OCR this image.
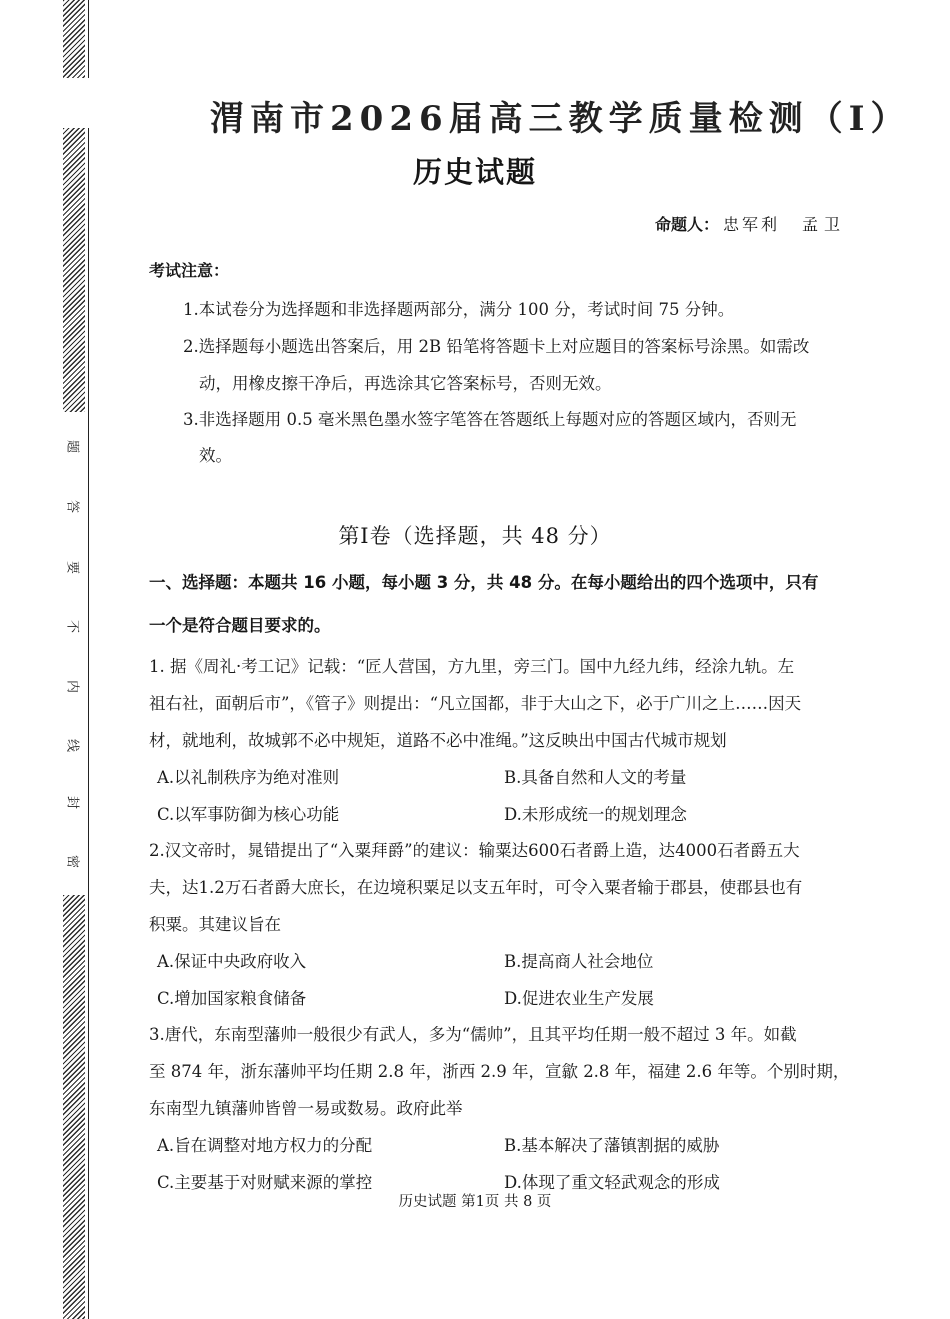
题
答
要
不
内
线
封
密
渭南市2026届高三教学质量检测（Ⅰ）
历史试题
命题人： 忠军利 孟卫
考试注意：
1.本试卷分为选择题和非选择题两部分，满分 100 分，考试时间 75 分钟。
2.选择题每小题选出答案后，用 2B 铅笔将答题卡上对应题目的答案标号涂黑。如需改
动，用橡皮擦干净后，再选涂其它答案标号，否则无效。
3.非选择题用 0.5 毫米黑色墨水签字笔答在答题纸上每题对应的答题区域内，否则无
效。
第Ⅰ卷（选择题，共 48 分）
一、选择题：本题共 16 小题，每小题 3 分，共 48 分。在每小题给出的四个选项中，只有
一个是符合题目要求的。
1. 据《周礼·考工记》记载：“匠人营国，方九里，旁三门。国中九经九纬，经涂九轨。左
祖右社，面朝后市”，《管子》则提出：“凡立国都，非于大山之下，必于广川之上……因天
材，就地利，故城郭不必中规矩，道路不必中准绳。”这反映出中国古代城市规划
A.以礼制秩序为绝对准则	B.具备自然和人文的考量
C.以军事防御为核心功能	D.未形成统一的规划理念
2.汉文帝时，晁错提出了“入粟拜爵”的建议：输粟达600石者爵上造，达4000石者爵五大
夫，达1.2万石者爵大庶长，在边境积粟足以支五年时，可令入粟者输于郡县，使郡县也有
积粟。其建议旨在
A.保证中央政府收入	B.提高商人社会地位
C.增加国家粮食储备	D.促进农业生产发展
3.唐代，东南型藩帅一般很少有武人，多为“儒帅”，且其平均任期一般不超过 3 年。如截
至 874 年，浙东藩帅平均任期 2.8 年，浙西 2.9 年，宣歙 2.8 年，福建 2.6 年等。个别时期，
东南型九镇藩帅皆曾一易或数易。政府此举
A.旨在调整对地方权力的分配	B.基本解决了藩镇割据的威胁
C.主要基于对财赋来源的掌控	D.体现了重文轻武观念的形成
历史试题 第1页 共 8 页
